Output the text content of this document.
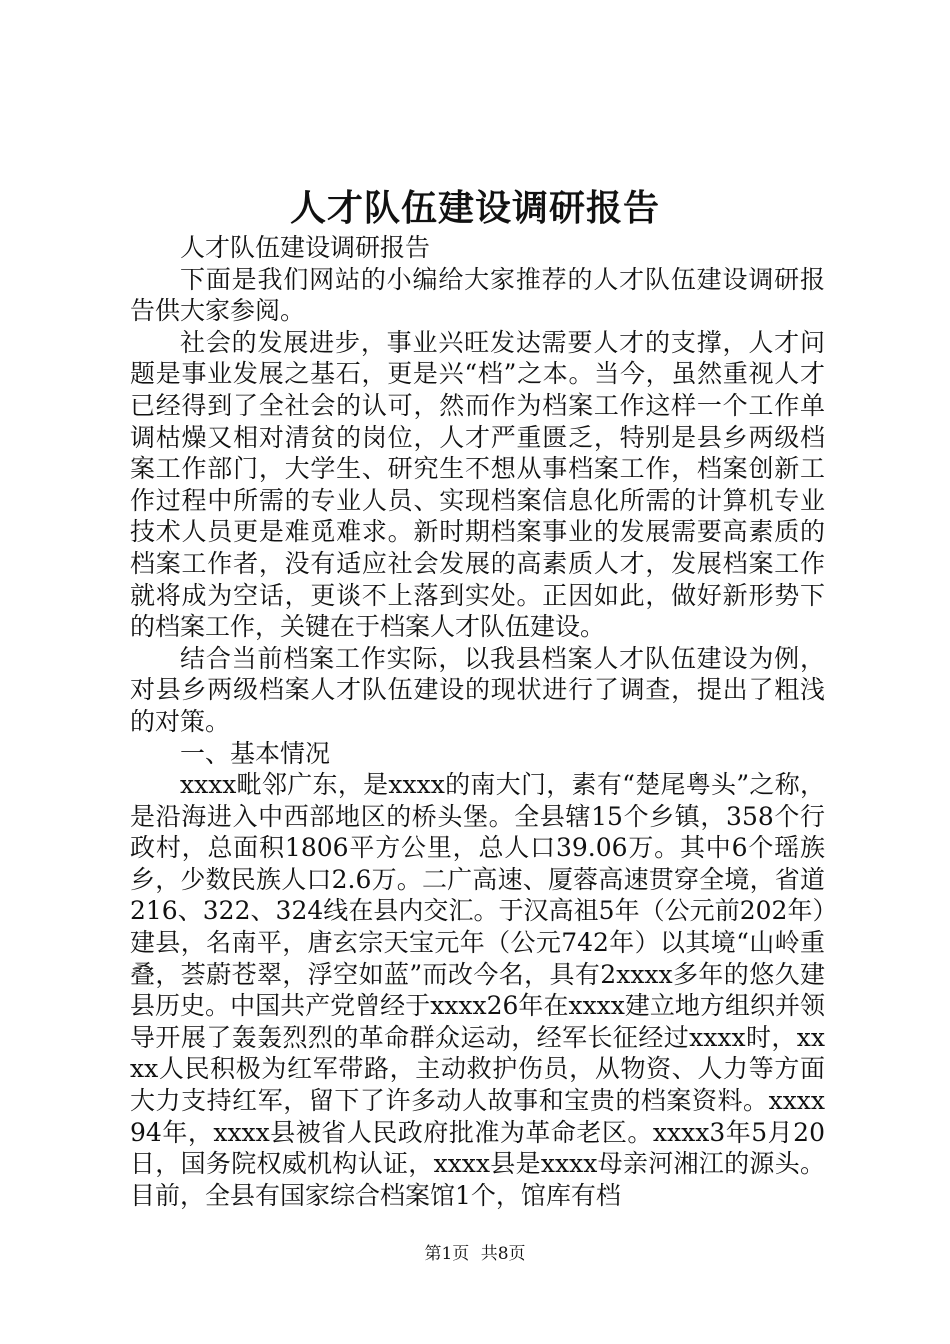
人才队伍建设调研报告

人才队伍建设调研报告

下面是我们网站的小编给大家推荐的人才队伍建设调研报告供大家参阅。

社会的发展进步，事业兴旺发达需要人才的支撑，人才问题是事业发展之基石，更是兴“档”之本。当今，虽然重视人才已经得到了全社会的认可，然而作为档案工作这样一个工作单调枯燥又相对清贫的岗位，人才严重匮乏，特别是县乡两级档案工作部门，大学生、研究生不想从事档案工作，档案创新工作过程中所需的专业人员、实现档案信息化所需的计算机专业技术人员更是难觅难求。新时期档案事业的发展需要高素质的档案工作者，没有适应社会发展的高素质人才，发展档案工作就将成为空话，更谈不上落到实处。正因如此，做好新形势下的档案工作，关键在于档案人才队伍建设。

结合当前档案工作实际，以我县档案人才队伍建设为例，对县乡两级档案人才队伍建设的现状进行了调查，提出了粗浅的对策。

一、基本情况

xxxx毗邻广东，是xxxx的南大门，素有“楚尾粤头”之称，是沿海进入中西部地区的桥头堡。全县辖15个乡镇，358个行政村，总面积1806平方公里，总人口39.06万。其中6个瑶族乡，少数民族人口2.6万。二广高速、厦蓉高速贯穿全境，省道216、322、324线在县内交汇。于汉高祖5年（公元前202年）建县，名南平，唐玄宗天宝元年（公元742年）以其境“山岭重叠，荟蔚苍翠，浮空如蓝”而改今名，具有2xxxx多年的悠久建县历史。中国共产党曾经于xxxx26年在xxxx建立地方组织并领导开展了轰轰烈烈的革命群众运动，经军长征经过xxxx时，xxxx人民积极为红军带路，主动救护伤员，从物资、人力等方面大力支持红军，留下了许多动人故事和宝贵的档案资料。xxxx94年，xxxx县被省人民政府批准为革命老区。xxxx3年5月20日，国务院权威机构认证，xxxx县是xxxx母亲河湘江的源头。目前，全县有国家综合档案馆1个，馆库有档

第1页 共8页
